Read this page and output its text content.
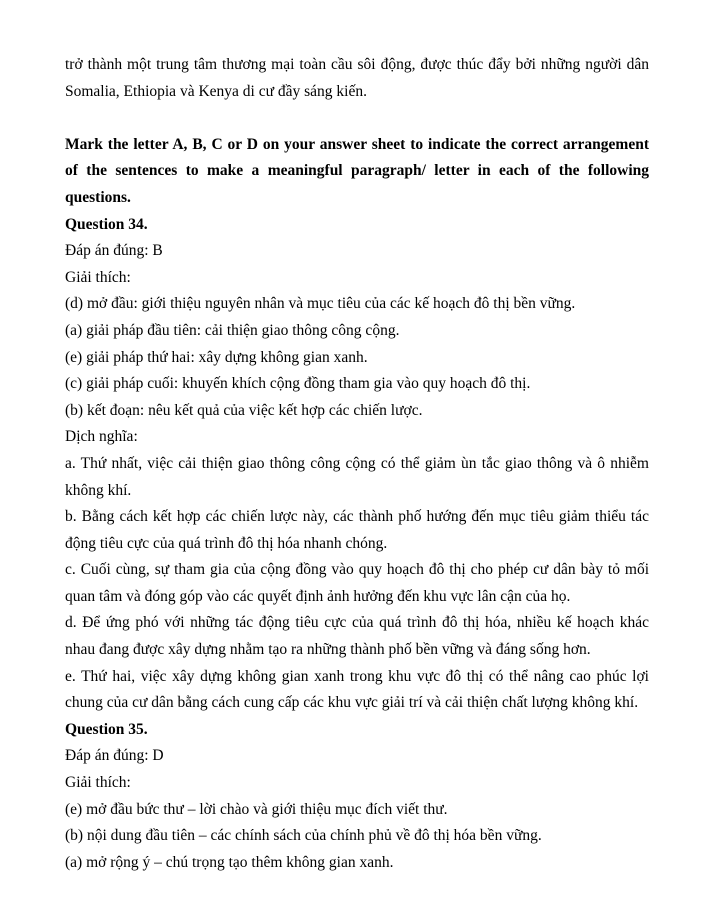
trở thành một trung tâm thương mại toàn cầu sôi động, được thúc đẩy bởi những người dân Somalia, Ethiopia và Kenya di cư đầy sáng kiến.

Mark the letter A, B, C or D on your answer sheet to indicate the correct arrangement of the sentences to make a meaningful paragraph/ letter in each of the following questions.

Question 34.

Đáp án đúng: B

Giải thích:

(d) mở đầu: giới thiệu nguyên nhân và mục tiêu của các kế hoạch đô thị bền vững.

(a) giải pháp đầu tiên: cải thiện giao thông công cộng.

(e) giải pháp thứ hai: xây dựng không gian xanh.

(c) giải pháp cuối: khuyến khích cộng đồng tham gia vào quy hoạch đô thị.

(b) kết đoạn: nêu kết quả của việc kết hợp các chiến lược.

Dịch nghĩa:

a. Thứ nhất, việc cải thiện giao thông công cộng có thể giảm ùn tắc giao thông và ô nhiễm không khí.

b. Bằng cách kết hợp các chiến lược này, các thành phố hướng đến mục tiêu giảm thiểu tác động tiêu cực của quá trình đô thị hóa nhanh chóng.

c. Cuối cùng, sự tham gia của cộng đồng vào quy hoạch đô thị cho phép cư dân bày tỏ mối quan tâm và đóng góp vào các quyết định ảnh hưởng đến khu vực lân cận của họ.

d. Để ứng phó với những tác động tiêu cực của quá trình đô thị hóa, nhiều kế hoạch khác nhau đang được xây dựng nhằm tạo ra những thành phố bền vững và đáng sống hơn.

e. Thứ hai, việc xây dựng không gian xanh trong khu vực đô thị có thể nâng cao phúc lợi chung của cư dân bằng cách cung cấp các khu vực giải trí và cải thiện chất lượng không khí.

Question 35.

Đáp án đúng: D

Giải thích:

(e) mở đầu bức thư – lời chào và giới thiệu mục đích viết thư.

(b) nội dung đầu tiên – các chính sách của chính phủ về đô thị hóa bền vững.

(a) mở rộng ý – chú trọng tạo thêm không gian xanh.
